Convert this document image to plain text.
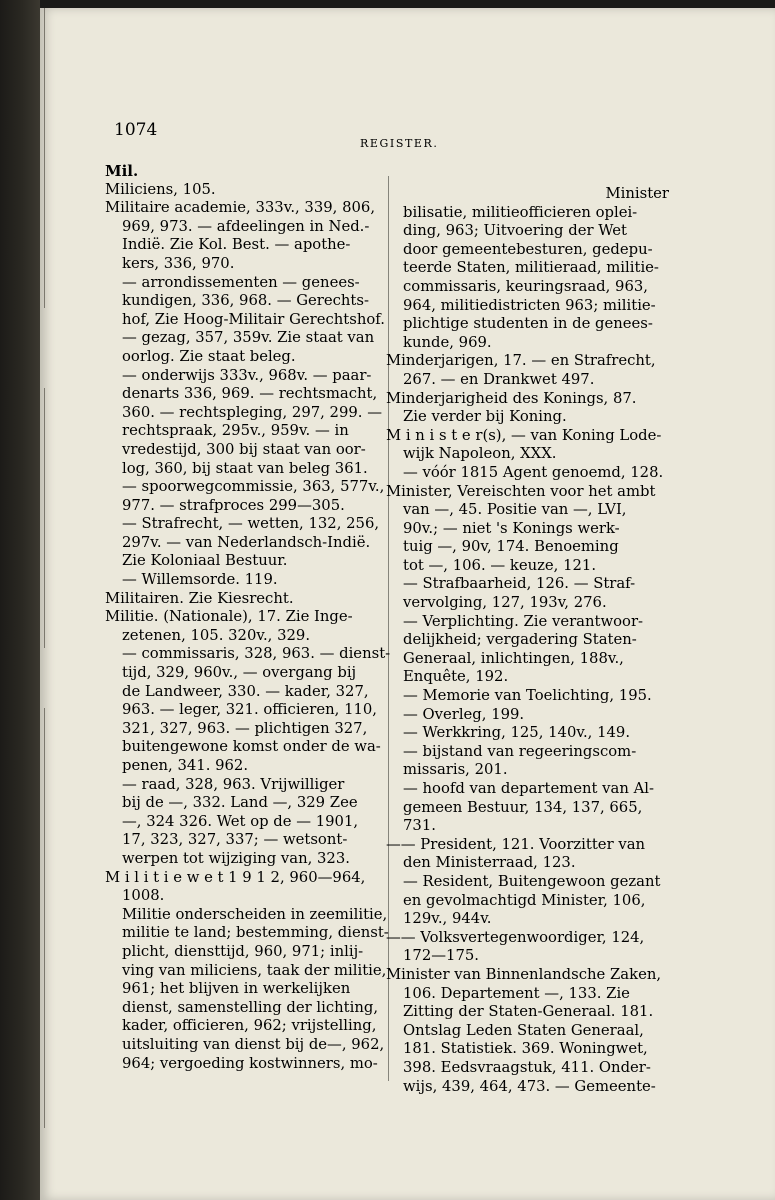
1074
REGISTER.
Mil.
Miliciens, 105.
Militaire academie, 333v., 339, 806,
969, 973. — afdeelingen in Ned.-
Indië. Zie Kol. Best. — apothe-
kers, 336, 970.
— arrondissementen — genees-
kundigen, 336, 968. — Gerechts-
hof, Zie Hoog-Militair Gerechtshof.
— gezag, 357, 359v. Zie staat van
oorlog. Zie staat beleg.
— onderwijs 333v., 968v. — paar-
denarts 336, 969. — rechtsmacht,
360. — rechtspleging, 297, 299. —
rechtspraak, 295v., 959v. — in
vredestijd, 300 bij staat van oor-
log, 360, bij staat van beleg 361.
— spoorwegcommissie, 363, 577v.,
977. — strafproces 299—305.
— Strafrecht, — wetten, 132, 256,
297v. — van Nederlandsch-Indië.
Zie Koloniaal Bestuur.
— Willemsorde. 119.
Militairen. Zie Kiesrecht.
Militie. (Nationale), 17. Zie Inge-
zetenen, 105. 320v., 329.
— commissaris, 328, 963. — dienst-
tijd, 329, 960v., — overgang bij
de Landweer, 330. — kader, 327,
963. — leger, 321. officieren, 110,
321, 327, 963. — plichtigen 327,
buitengewone komst onder de wa-
penen, 341. 962.
— raad, 328, 963. Vrijwilliger
bij de —, 332. Land —, 329 Zee
—, 324 326. Wet op de — 1901,
17, 323, 327, 337; — wetsont-
werpen tot wijziging van, 323.
M i l i t i e w e t 1 9 1 2, 960—964,
1008.
Militie onderscheiden in zeemilitie,
militie te land; bestemming, dienst-
plicht, diensttijd, 960, 971; inlij-
ving van miliciens, taak der militie,
961; het blijven in werkelijken
dienst, samenstelling der lichting,
kader, officieren, 962; vrijstelling,
uitsluiting van dienst bij de—, 962,
964; vergoeding kostwinners, mo-
Minister
bilisatie, militieofficieren oplei-
ding, 963; Uitvoering der Wet
door gemeentebesturen, gedepu-
teerde Staten, militieraad, militie-
commissaris, keuringsraad, 963,
964, militiedistricten 963; militie-
plichtige studenten in de genees-
kunde, 969.
Minderjarigen, 17. — en Strafrecht,
267. — en Drankwet 497.
Minderjarigheid des Konings, 87.
Zie verder bij Koning.
M i n i s t e r(s), — van Koning Lode-
wijk Napoleon, XXX.
— vóór 1815 Agent genoemd, 128.
Minister, Vereischten voor het ambt
van —, 45. Positie van —, LVI,
90v.; — niet 's Konings werk-
tuig —, 90v, 174. Benoeming
tot —, 106. — keuze, 121.
— Strafbaarheid, 126. — Straf-
vervolging, 127, 193v, 276.
— Verplichting. Zie verantwoor-
delijkheid; vergadering Staten-
Generaal, inlichtingen, 188v.,
Enquête, 192.
— Memorie van Toelichting, 195.
— Overleg, 199.
— Werkkring, 125, 140v., 149.
— bijstand van regeeringscom-
missaris, 201.
— hoofd van departement van Al-
gemeen Bestuur, 134, 137, 665,
731.
—— President, 121. Voorzitter van
den Ministerraad, 123.
— Resident, Buitengewoon gezant
en gevolmachtigd Minister, 106,
129v., 944v.
—— Volksvertegenwoordiger, 124,
172—175.
Minister van Binnenlandsche Zaken,
106. Departement —, 133. Zie
Zitting der Staten-Generaal. 181.
Ontslag Leden Staten Generaal,
181. Statistiek. 369. Woningwet,
398. Eedsvraagstuk, 411. Onder-
wijs, 439, 464, 473. — Gemeente-
